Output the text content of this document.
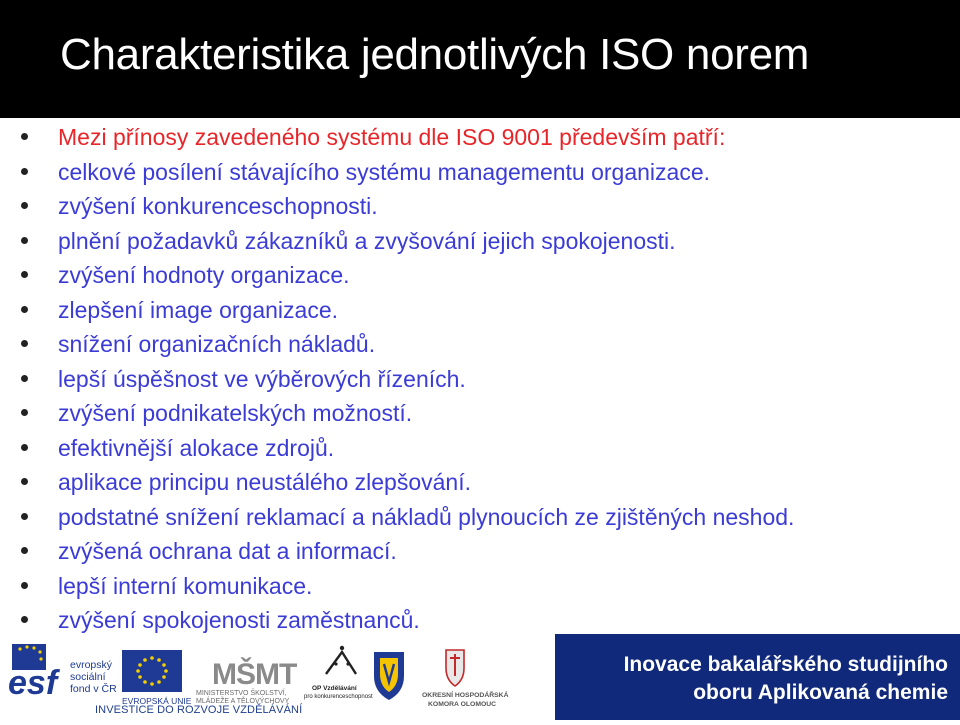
Charakteristika jednotlivých ISO norem
Mezi přínosy zavedeného systému dle ISO 9001 především patří:
celkové posílení stávajícího systému managementu organizace.
zvýšení konkurenceschopnosti.
plnění požadavků zákazníků a zvyšování jejich spokojenosti.
zvýšení hodnoty organizace.
zlepšení image organizace.
snížení organizačních nákladů.
lepší úspěšnost ve výběrových řízeních.
zvýšení podnikatelských možností.
efektivnější alokace zdrojů.
aplikace principu neustálého zlepšování.
podstatné snížení reklamací a nákladů plynoucích ze zjištěných neshod.
zvýšená ochrana dat a informací.
lepší interní komunikace.
zvýšení spokojenosti zaměstnanců.
esf	evropský
sociální
fond v ČR
EVROPSKÁ UNIE
MŠMT
MINISTERSTVO ŠKOLSTVÍ,
MLÁDEŽE A TĚLOVÝCHOVY
OP Vzdělávání
pro konkurenceschopnost	OKRESNÍ HOSPODÁŘSKÁ
KOMORA OLOMOUC
INVESTICE DO ROZVOJE VZDĚLÁVÁNÍ
Inovace bakalářského studijního
oboru Aplikovaná chemie
